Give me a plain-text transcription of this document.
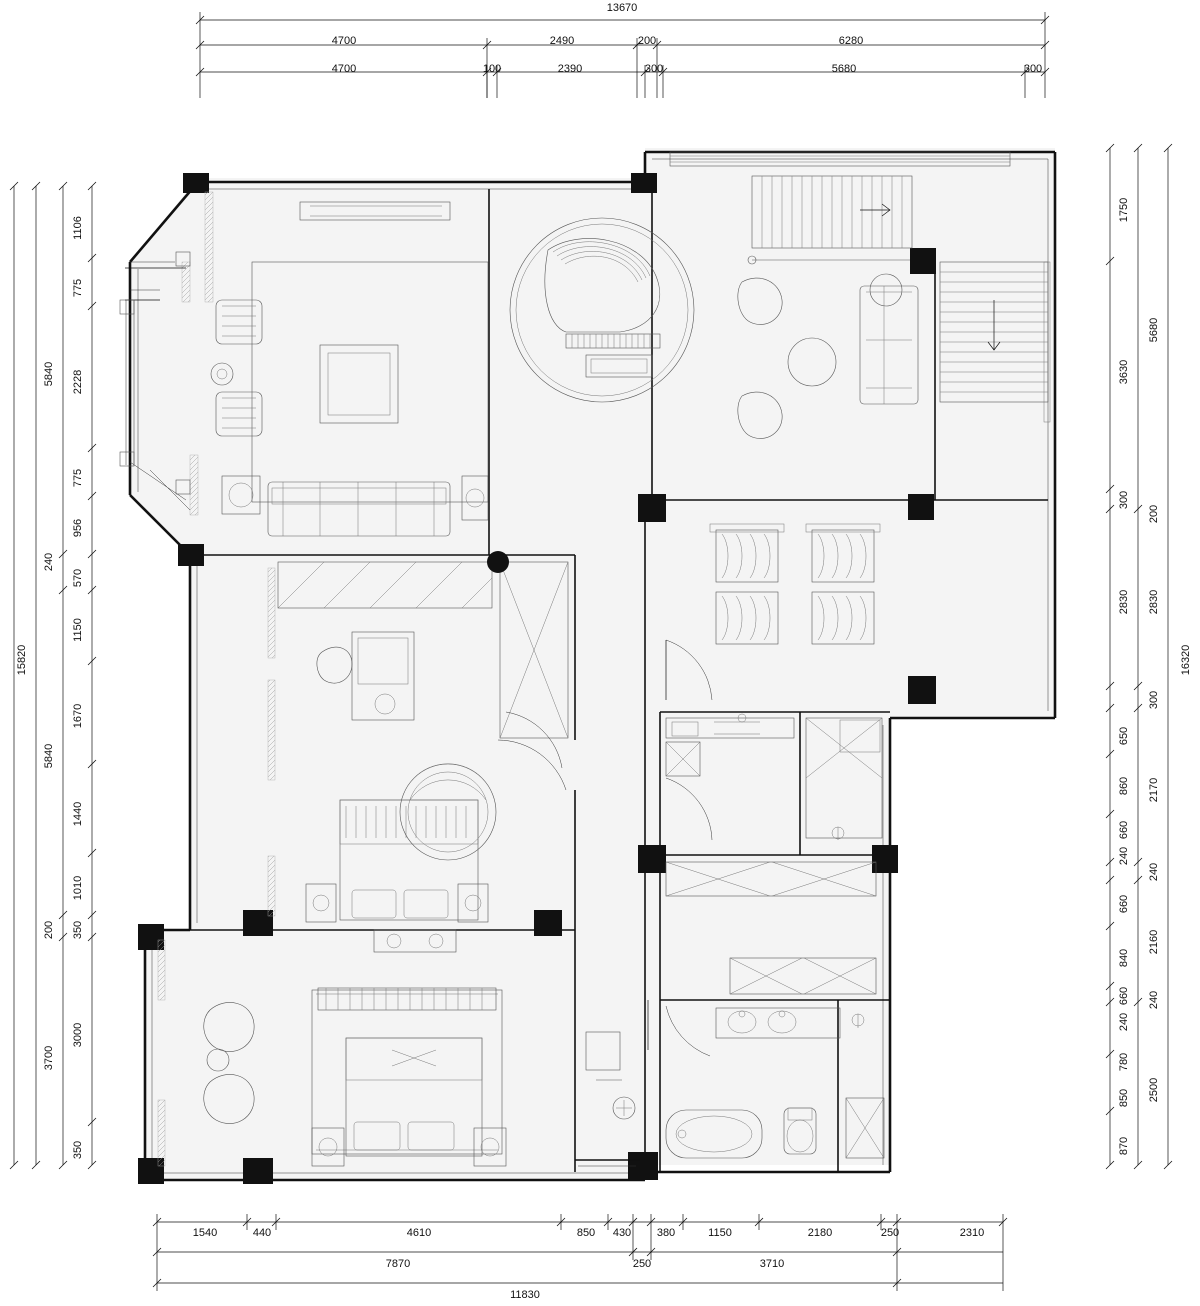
13670
4700	2490	200	6280
4700	100	2390	300	5680	300
1540	440	4610	850 430 380	1150	2180	250	2310
7870	250	3710
11830
1106
775
2228
775
956
570
1150
1670
1440
1010
350
3000
350
5840
240
5840
200
3700
15820
1750
3630
300
2830
650
860
660
240
660
840
660
240
780
850
870
5680
200
2830
300
2170
240
2160
240
2500
16320
